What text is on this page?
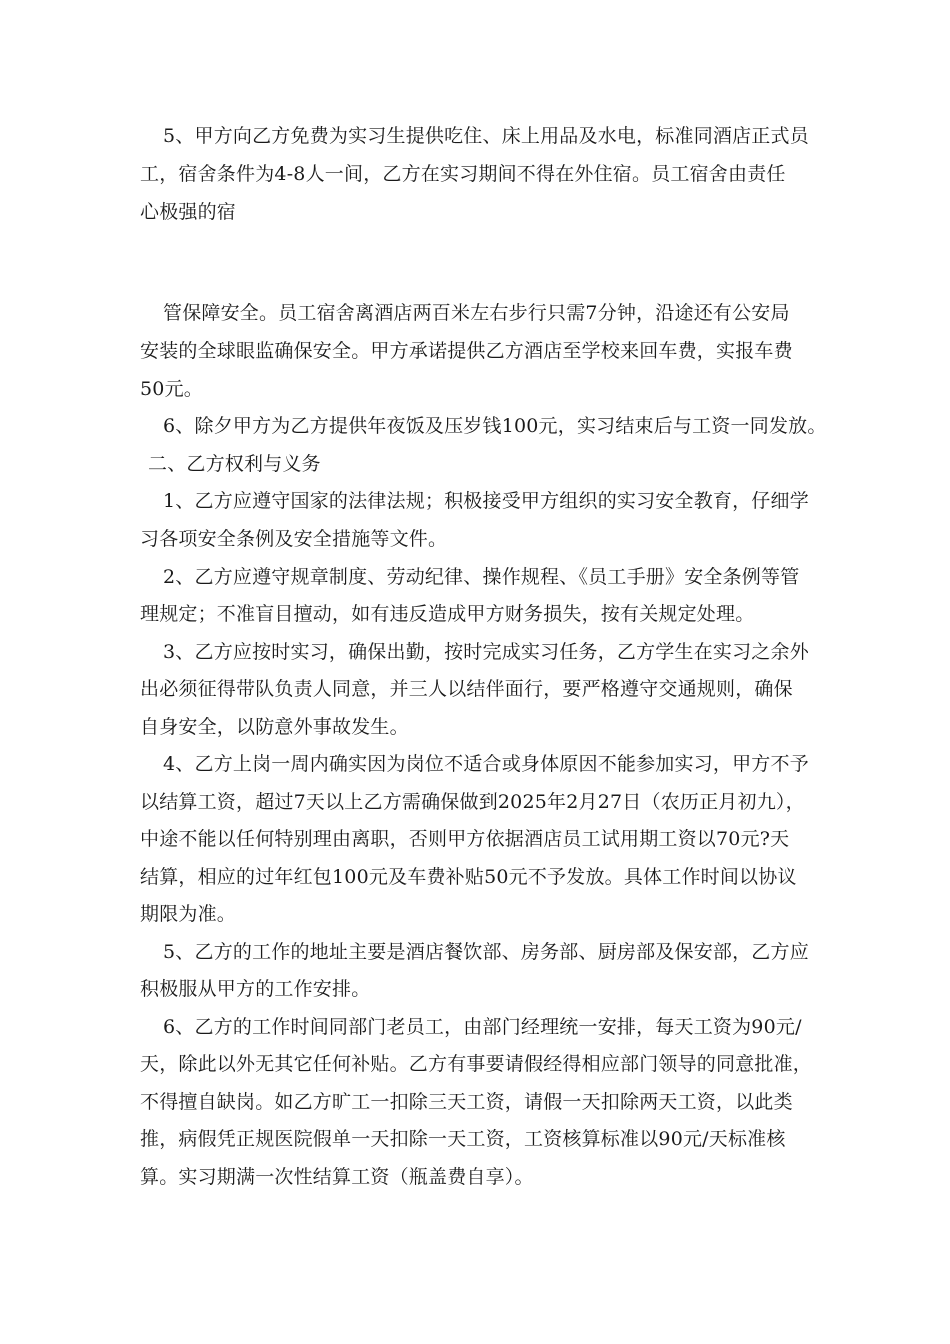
5、甲方向乙方免费为实习生提供吃住、床上用品及水电，标准同酒店正式员
工，宿舍条件为4-8人一间，乙方在实习期间不得在外住宿。员工宿舍由责任
心极强的宿
管保障安全。员工宿舍离酒店两百米左右步行只需7分钟，沿途还有公安局
安装的全球眼监确保安全。甲方承诺提供乙方酒店至学校来回车费，实报车费
50元。
6、除夕甲方为乙方提供年夜饭及压岁钱100元，实习结束后与工资一同发放。
二、乙方权利与义务
1、乙方应遵守国家的法律法规；积极接受甲方组织的实习安全教育，仔细学
习各项安全条例及安全措施等文件。
2、乙方应遵守规章制度、劳动纪律、操作规程、《员工手册》安全条例等管
理规定；不准盲目擅动，如有违反造成甲方财务损失，按有关规定处理。
3、乙方应按时实习，确保出勤，按时完成实习任务，乙方学生在实习之余外
出必须征得带队负责人同意，并三人以结伴面行，要严格遵守交通规则，确保
自身安全，以防意外事故发生。
4、乙方上岗一周内确实因为岗位不适合或身体原因不能参加实习，甲方不予
以结算工资，超过7天以上乙方需确保做到2025年2月27日（农历正月初九），
中途不能以任何特别理由离职，否则甲方依据酒店员工试用期工资以70元?天
结算，相应的过年红包100元及车费补贴50元不予发放。具体工作时间以协议
期限为准。
5、乙方的工作的地址主要是酒店餐饮部、房务部、厨房部及保安部，乙方应
积极服从甲方的工作安排。
6、乙方的工作时间同部门老员工，由部门经理统一安排，每天工资为90元/
天，除此以外无其它任何补贴。乙方有事要请假经得相应部门领导的同意批准，
不得擅自缺岗。如乙方旷工一扣除三天工资，请假一天扣除两天工资，以此类
推，病假凭正规医院假单一天扣除一天工资，工资核算标准以90元/天标准核
算。实习期满一次性结算工资（瓶盖费自享）。
